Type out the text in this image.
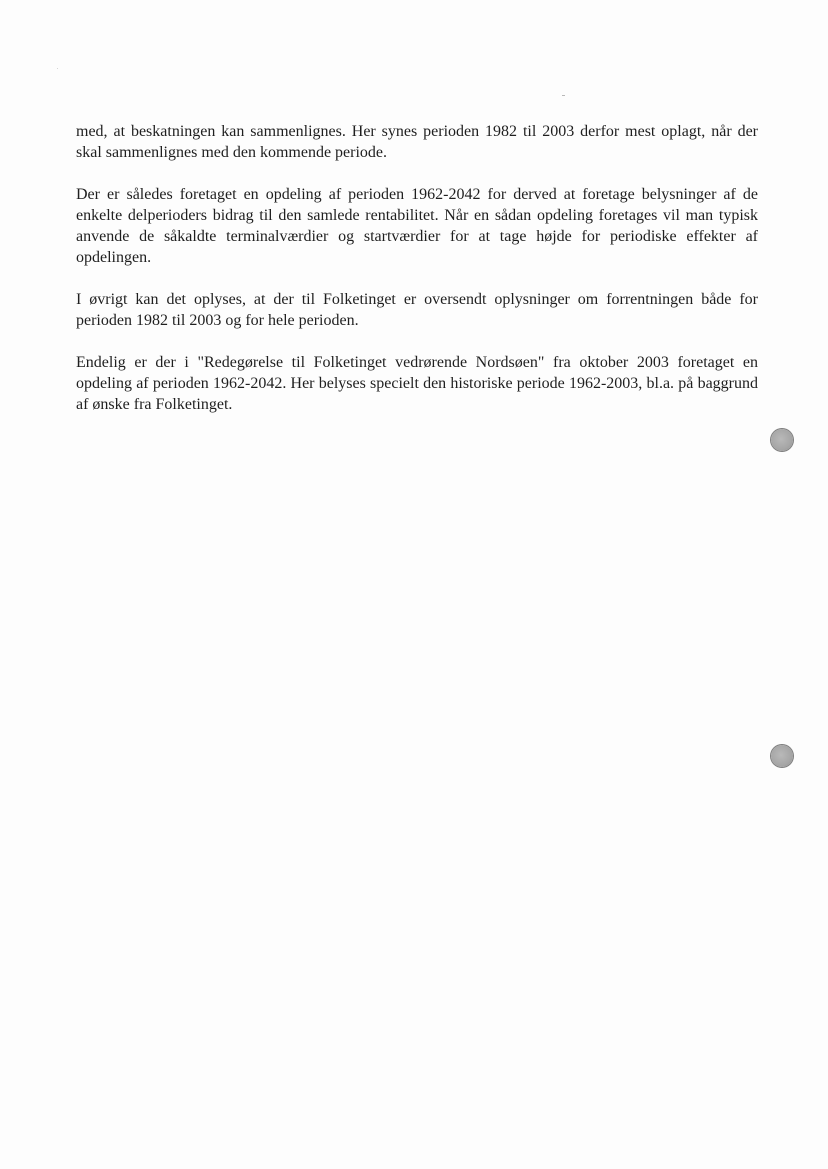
med, at beskatningen kan sammenlignes. Her synes perioden 1982 til 2003 derfor mest oplagt, når der skal sammenlignes med den kommende periode.

Der er således foretaget en opdeling af perioden 1962-2042 for derved at foretage belysninger af de enkelte delperioders bidrag til den samlede rentabilitet. Når en sådan opdeling foretages vil man typisk anvende de såkaldte terminalværdier og startværdier for at tage højde for periodiske effekter af opdelingen.

I øvrigt kan det oplyses, at der til Folketinget er oversendt oplysninger om forrentningen både for perioden 1982 til 2003 og for hele perioden.

Endelig er der i "Redegørelse til Folketinget vedrørende Nordsøen" fra oktober 2003 foretaget en opdeling af perioden 1962-2042. Her belyses specielt den historiske periode 1962-2003, bl.a. på baggrund af ønske fra Folketinget.
